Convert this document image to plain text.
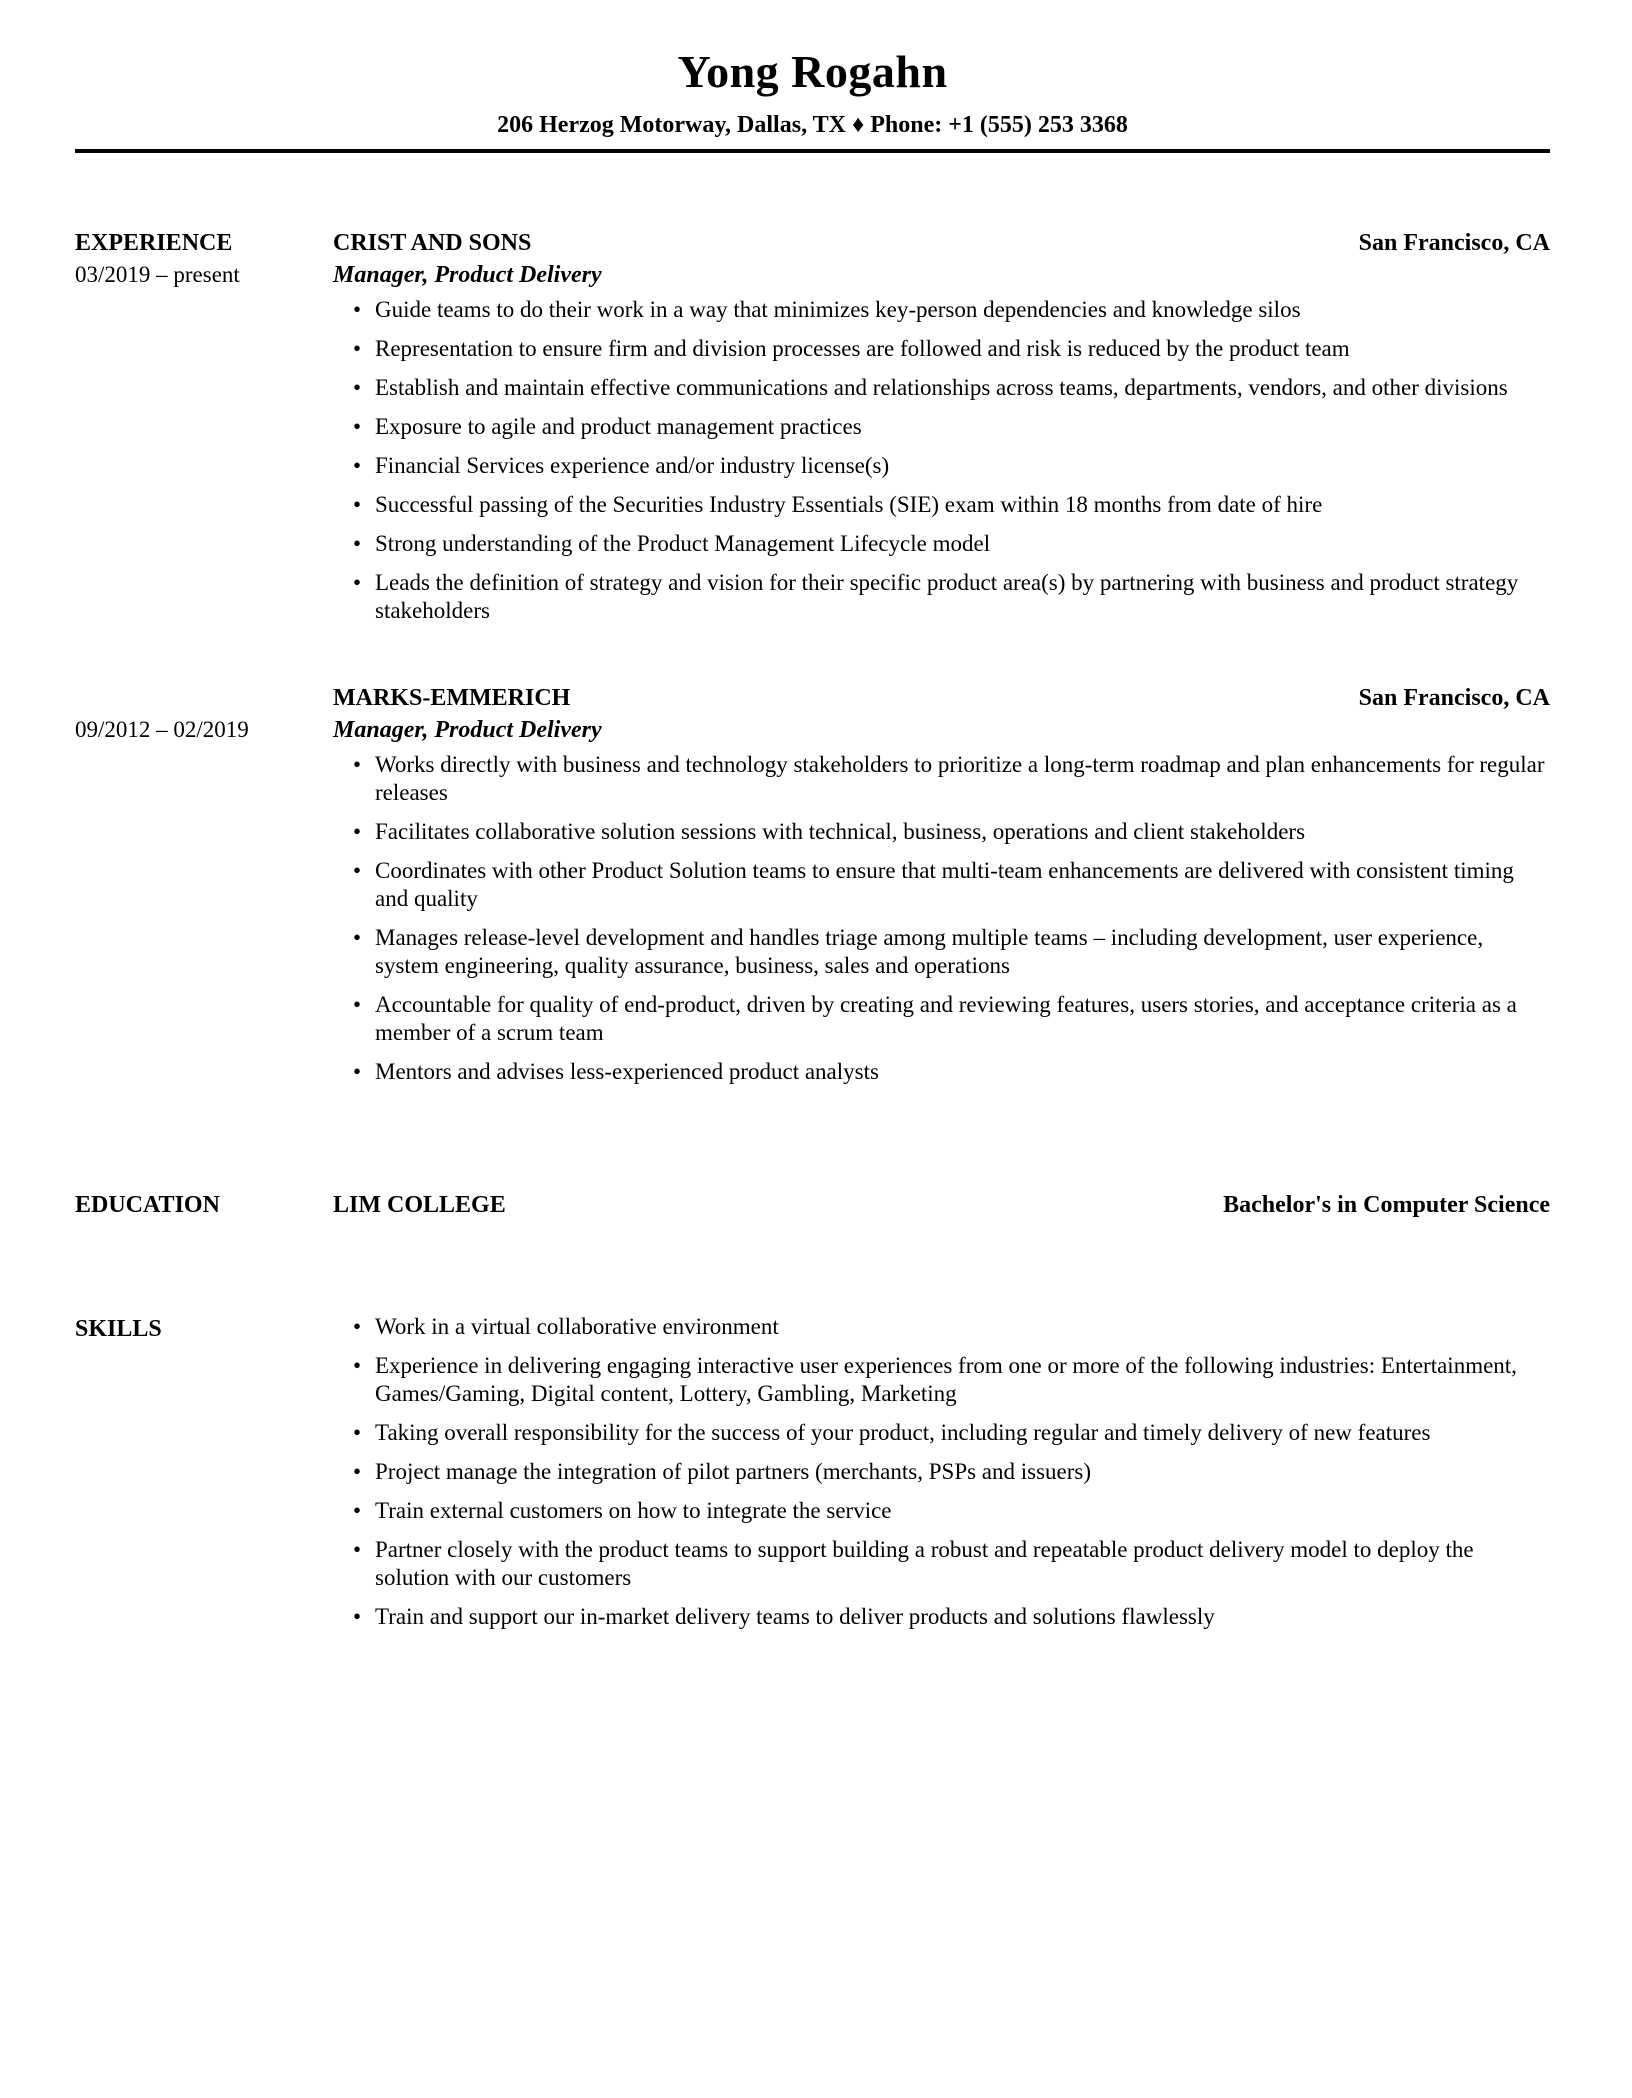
Yong Rogahn
206 Herzog Motorway, Dallas, TX ♦ Phone: +1 (555) 253 3368
EXPERIENCE
03/2019 – present
CRIST AND SONS	San Francisco, CA
Manager, Product Delivery
• Guide teams to do their work in a way that minimizes key-person dependencies and knowledge silos
• Representation to ensure firm and division processes are followed and risk is reduced by the product team
• Establish and maintain effective communications and relationships across teams, departments, vendors, and other divisions
• Exposure to agile and product management practices
• Financial Services experience and/or industry license(s)
• Successful passing of the Securities Industry Essentials (SIE) exam within 18 months from date of hire
• Strong understanding of the Product Management Lifecycle model
• Leads the definition of strategy and vision for their specific product area(s) by partnering with business and product strategy stakeholders
09/2012 – 02/2019
MARKS-EMMERICH	San Francisco, CA
Manager, Product Delivery
• Works directly with business and technology stakeholders to prioritize a long-term roadmap and plan enhancements for regular releases
• Facilitates collaborative solution sessions with technical, business, operations and client stakeholders
• Coordinates with other Product Solution teams to ensure that multi-team enhancements are delivered with consistent timing and quality
• Manages release-level development and handles triage among multiple teams – including development, user experience, system engineering, quality assurance, business, sales and operations
• Accountable for quality of end-product, driven by creating and reviewing features, users stories, and acceptance criteria as a member of a scrum team
• Mentors and advises less-experienced product analysts
EDUCATION	LIM COLLEGE	Bachelor's in Computer Science
SKILLS	• Work in a virtual collaborative environment
• Experience in delivering engaging interactive user experiences from one or more of the following industries: Entertainment, Games/Gaming, Digital content, Lottery, Gambling, Marketing
• Taking overall responsibility for the success of your product, including regular and timely delivery of new features
• Project manage the integration of pilot partners (merchants, PSPs and issuers)
• Train external customers on how to integrate the service
• Partner closely with the product teams to support building a robust and repeatable product delivery model to deploy the solution with our customers
• Train and support our in-market delivery teams to deliver products and solutions flawlessly
